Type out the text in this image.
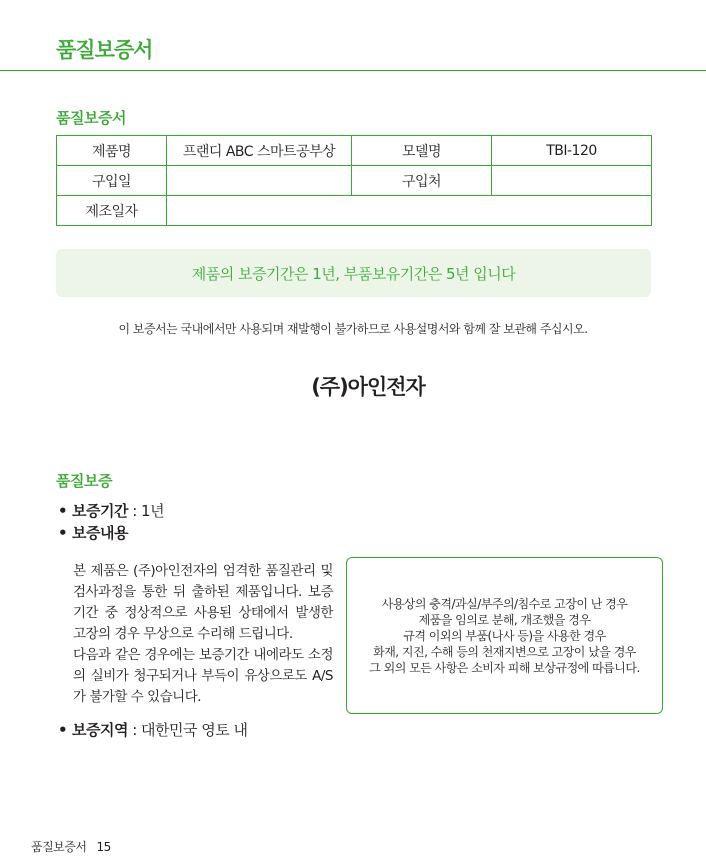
품질보증서
품질보증서
제품명	프랜디 ABC 스마트공부상	모델명	TBI-120
구입일		구입처	
제조일자			
제품의 보증기간은 1년, 부품보유기간은 5년 입니다
이 보증서는 국내에서만 사용되며 재발행이 불가하므로 사용설명서와 함께 잘 보관해 주십시오.
(주)아인전자
품질보증
• 보증기간 : 1년
• 보증내용

본 제품은 (주)아인전자의 엄격한 품질관리 및 검사과정을 통한 뒤 출하된 제품입니다. 보증기간 중 정상적으로 사용된 상태에서 발생한 고장의 경우 무상으로 수리해 드립니다.

다음과 같은 경우에는 보증기간 내에라도 소정의 실비가 청구되거나 부득이 유상으로도 A/S가 불가할 수 있습니다.

사용상의 충격/과실/부주의/침수로 고장이 난 경우
제품을 임의로 분해, 개조했을 경우
규격 이외의 부품(나사 등)을 사용한 경우
화재, 지진, 수해 등의 천재지변으로 고장이 났을 경우
그 외의 모든 사항은 소비자 피해 보상규정에 따릅니다.
• 보증지역 : 대한민국 영토 내
품질보증서 15
